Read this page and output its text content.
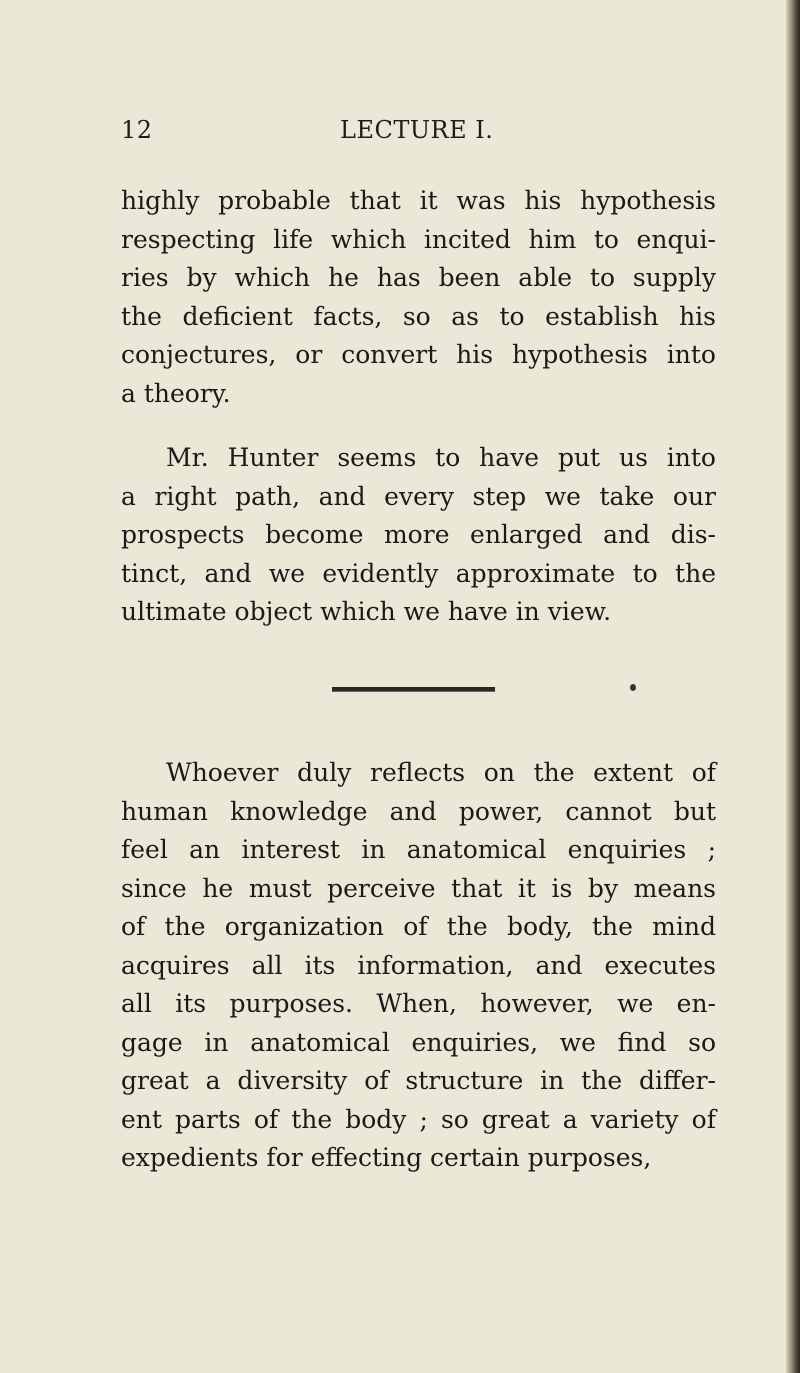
12	LECTURE I.
highly probable that it was his hypothesis
respecting life which incited him to enqui-
ries by which he has been able to supply
the deficient facts, so as to establish his
conjectures, or convert his hypothesis into
a theory.
Mr. Hunter seems to have put us into
a right path, and every step we take our
prospects become more enlarged and dis-
tinct, and we evidently approximate to the
ultimate object which we have in view.
Whoever duly reflects on the extent of
human knowledge and power, cannot but
feel an interest in anatomical enquiries ;
since he must perceive that it is by means
of the organization of the body, the mind
acquires all its information, and executes
all its purposes. When, however, we en-
gage in anatomical enquiries, we find so
great a diversity of structure in the differ-
ent parts of the body ; so great a variety of
expedients for effecting certain purposes,
